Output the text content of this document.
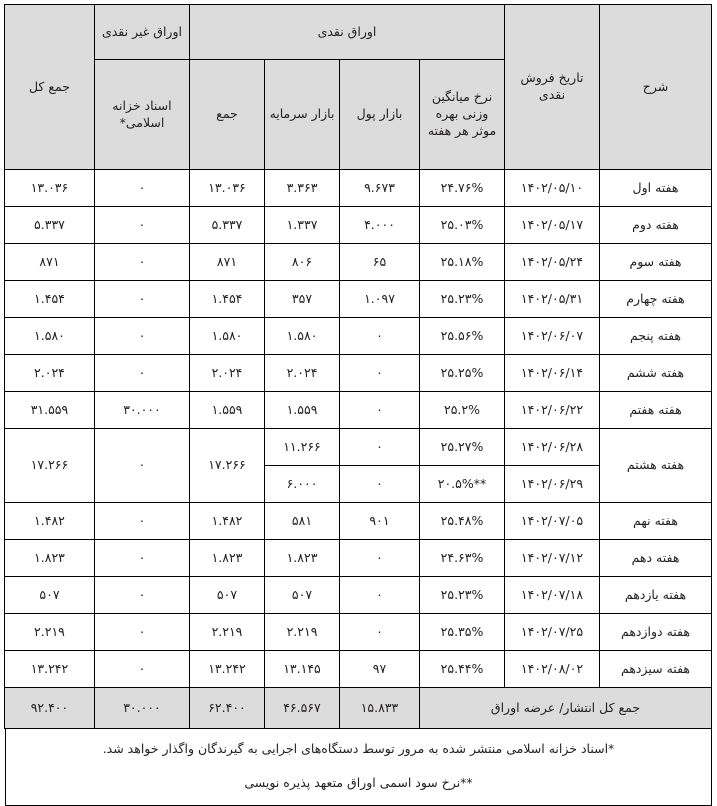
شرح	تاریخ فروش نقدی	اوراق نقدی				اوراق غیر نقدی	جمع کل
		نرخ میانگین وزنی بهره موثر هر هفته	بازار پول	بازار سرمایه	جمع	اسناد خزانه اسلامی*	
هفته اول	۱۴۰۲/۰۵/۱۰	۲۴.۷۶%	۹.۶۷۳	۳.۳۶۳	۱۳.۰۳۶	۰	۱۳.۰۳۶
هفته دوم	۱۴۰۲/۰۵/۱۷	۲۵.۰۳%	۴.۰۰۰	۱.۳۳۷	۵.۳۳۷	۰	۵.۳۳۷
هفته سوم	۱۴۰۲/۰۵/۲۴	۲۵.۱۸%	۶۵	۸۰۶	۸۷۱	۰	۸۷۱
هفته چهارم	۱۴۰۲/۰۵/۳۱	۲۵.۲۳%	۱.۰۹۷	۳۵۷	۱.۴۵۴	۰	۱.۴۵۴
هفته پنجم	۱۴۰۲/۰۶/۰۷	۲۵.۵۶%	۰	۱.۵۸۰	۱.۵۸۰	۰	۱.۵۸۰
هفته ششم	۱۴۰۲/۰۶/۱۴	۲۵.۲۵%	۰	۲.۰۲۴	۲.۰۲۴	۰	۲.۰۲۴
هفته هفتم	۱۴۰۲/۰۶/۲۲	۲۵.۲%	۰	۱.۵۵۹	۱.۵۵۹	۳۰.۰۰۰	۳۱.۵۵۹
هفته هشتم	۱۴۰۲/۰۶/۲۸	۲۵.۲۷%	۰	۱۱.۲۶۶	۱۷.۲۶۶	۰	۱۷.۲۶۶
	۱۴۰۲/۰۶/۲۹	۲۰.۵%**	۰	۶.۰۰۰			
هفته نهم	۱۴۰۲/۰۷/۰۵	۲۵.۴۸%	۹۰۱	۵۸۱	۱.۴۸۲	۰	۱.۴۸۲
هفته دهم	۱۴۰۲/۰۷/۱۲	۲۴.۶۳%	۰	۱.۸۲۳	۱.۸۲۳	۰	۱.۸۲۳
هفته یازدهم	۱۴۰۲/۰۷/۱۸	۲۵.۲۳%	۰	۵۰۷	۵۰۷	۰	۵۰۷
هفته دوازدهم	۱۴۰۲/۰۷/۲۵	۲۵.۳۵%	۰	۲.۲۱۹	۲.۲۱۹	۰	۲.۲۱۹
هفته سیزدهم	۱۴۰۲/۰۸/۰۲	۲۵.۴۴%	۹۷	۱۳.۱۴۵	۱۳.۲۴۲	۰	۱۳.۲۴۲
جمع کل انتشار/ عرضه اوراق			۱۵.۸۳۳	۴۶.۵۶۷	۶۲.۴۰۰	۳۰.۰۰۰	۹۲.۴۰۰

*اسناد خزانه اسلامی منتشر شده به مرور توسط دستگاه‌های اجرایی به گیرندگان واگذار خواهد شد.

**نرخ سود اسمی اوراق متعهد پذیره نویسی
